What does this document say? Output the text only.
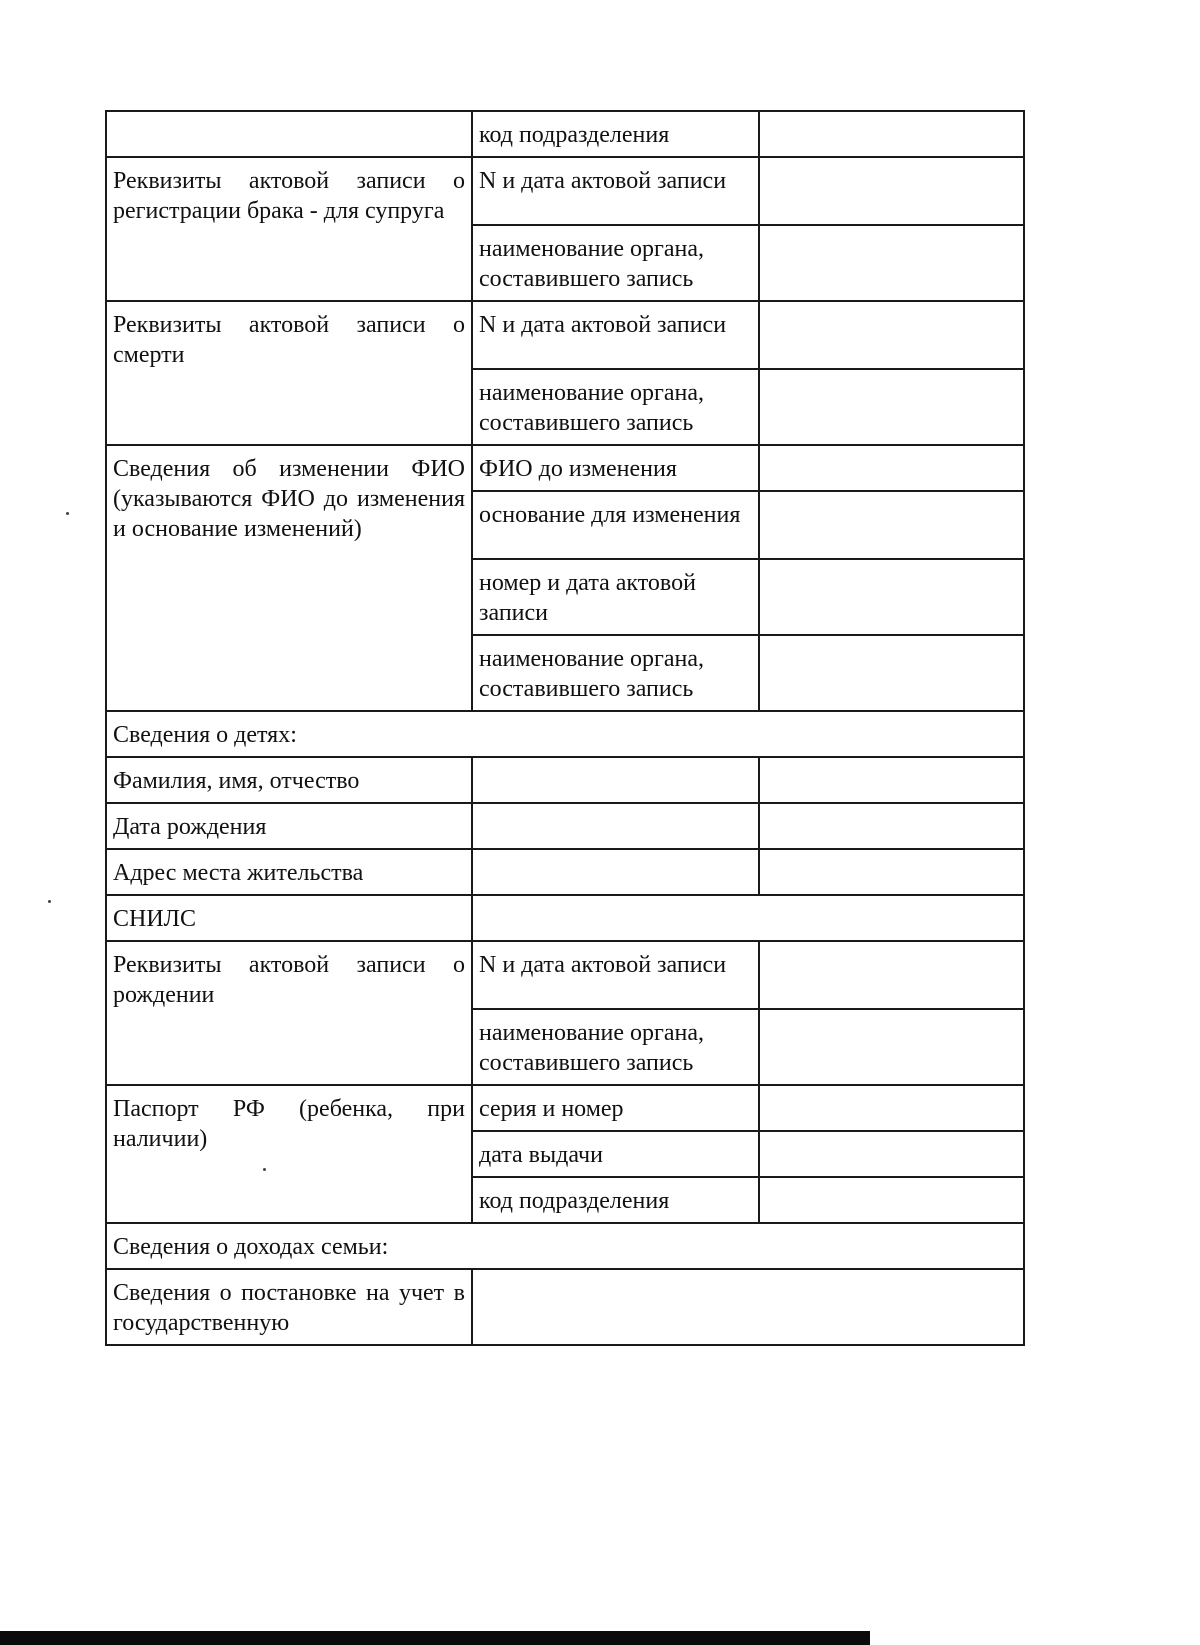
	код подразделения	
Реквизиты актовой записи о регистрации брака - для супруга	N и дата актовой записи	
	наименование органа, составившего запись	
Реквизиты актовой записи о смерти	N и дата актовой записи	
	наименование органа, составившего запись	
Сведения об изменении ФИО (указываются ФИО до изменения и основание изменений)	ФИО до изменения	
	основание для изменения	
	номер и дата актовой записи	
	наименование органа, составившего запись	
Сведения о детях:		
Фамилия, имя, отчество		
Дата рождения		
Адрес места жительства		
СНИЛС		
Реквизиты актовой записи о рождении	N и дата актовой записи	
	наименование органа, составившего запись	
Паспорт РФ (ребенка, при наличии)	серия и номер	
	дата выдачи	
	код подразделения	
Сведения о доходах семьи:		
Сведения о постановке на учет в государственную		
